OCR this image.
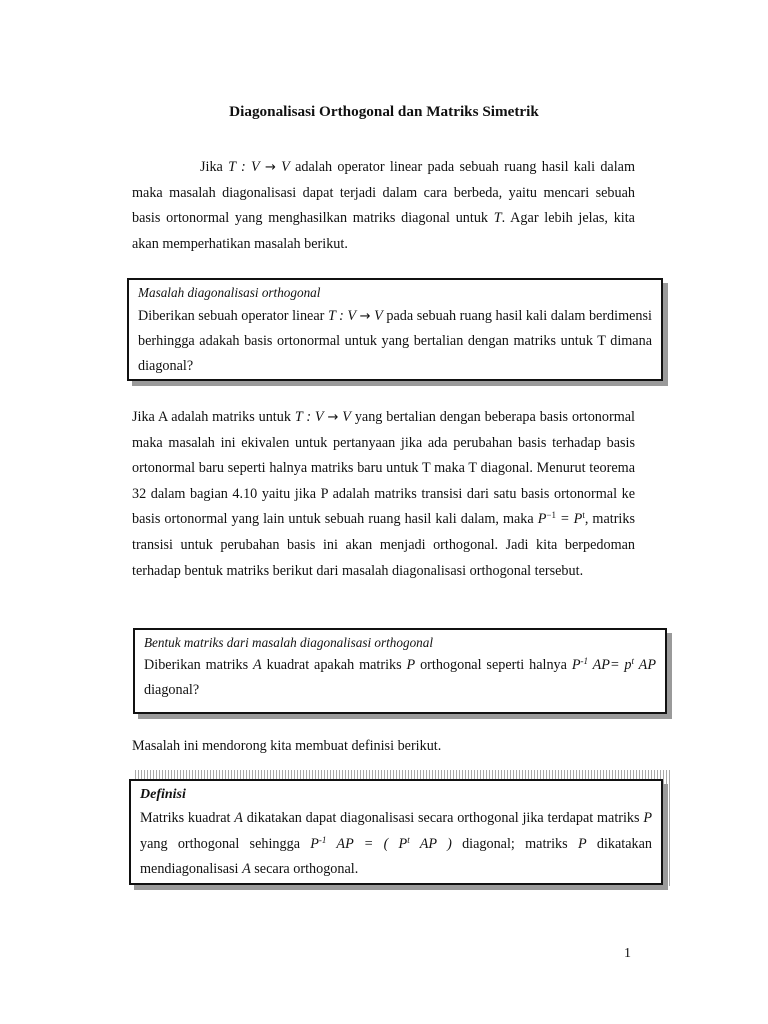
Diagonalisasi Orthogonal dan Matriks Simetrik

Jika T : V → V adalah operator linear pada sebuah ruang hasil kali dalam maka masalah diagonalisasi dapat terjadi dalam cara berbeda, yaitu mencari sebuah basis ortonormal yang menghasilkan matriks diagonal untuk T. Agar lebih jelas, kita akan memperhatikan masalah berikut.

Masalah diagonalisasi orthogonal

Diberikan sebuah operator linear T : V → V pada sebuah ruang hasil kali dalam berdimensi berhingga adakah basis ortonormal untuk yang bertalian dengan matriks untuk T dimana diagonal?

Jika A adalah matriks untuk T : V → V yang bertalian dengan beberapa basis ortonormal maka masalah ini ekivalen untuk pertanyaan jika ada perubahan basis terhadap basis ortonormal baru seperti halnya matriks baru untuk T maka T diagonal. Menurut teorema 32 dalam bagian 4.10 yaitu jika P adalah matriks transisi dari satu basis ortonormal ke basis ortonormal yang lain untuk sebuah ruang hasil kali dalam, maka $P^{-1} = P^t$, matriks transisi untuk perubahan basis ini akan menjadi orthogonal. Jadi kita berpedoman terhadap bentuk matriks berikut dari masalah diagonalisasi orthogonal tersebut.

Bentuk matriks dari masalah diagonalisasi orthogonal

Diberikan matriks A kuadrat apakah matriks P orthogonal seperti halnya $P^{-1}$ $AP= p^t$ AP diagonal?

Masalah ini mendorong kita membuat definisi berikut.

Definisi

Matriks kuadrat A dikatakan dapat diagonalisasi secara orthogonal jika terdapat matriks P yang orthogonal sehingga $P^{-1}$ AP = ( $P^t$ AP ) diagonal; matriks P dikatakan mendiagonalisasi A secara orthogonal.

1
